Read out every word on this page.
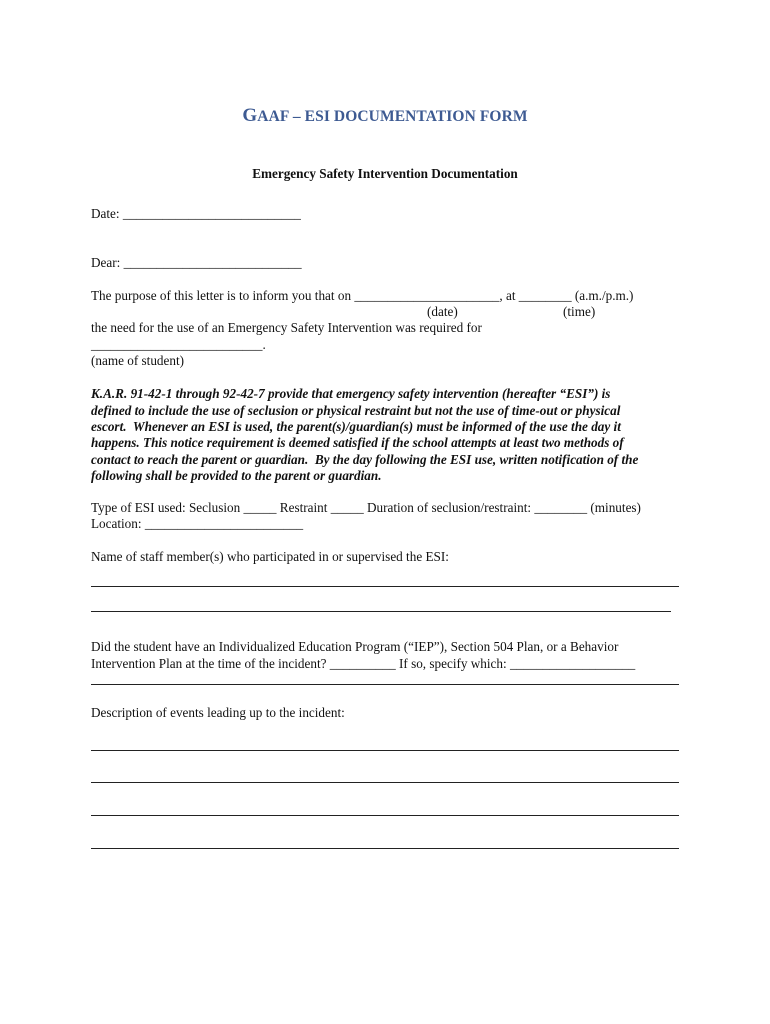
GAAF – ESI DOCUMENTATION FORM
Emergency Safety Intervention Documentation
Date: ___________________________
Dear: ___________________________
The purpose of this letter is to inform you that on ______________________, at ________ (a.m./p.m.)
(date)	(time)
the need for the use of an Emergency Safety Intervention was required for
__________________________.
(name of student)
K.A.R. 91-42-1 through 92-42-7 provide that emergency safety intervention (hereafter “ESI”) is
defined to include the use of seclusion or physical restraint but not the use of time-out or physical
escort.  Whenever an ESI is used, the parent(s)/guardian(s) must be informed of the use the day it
happens. This notice requirement is deemed satisfied if the school attempts at least two methods of
contact to reach the parent or guardian.  By the day following the ESI use, written notification of the
following shall be provided to the parent or guardian.
Type of ESI used: Seclusion _____ Restraint _____ Duration of seclusion/restraint: ________ (minutes)
Location: ________________________
Name of staff member(s) who participated in or supervised the ESI:
Did the student have an Individualized Education Program (“IEP”), Section 504 Plan, or a Behavior
Intervention Plan at the time of the incident? __________ If so, specify which: ___________________
Description of events leading up to the incident:
